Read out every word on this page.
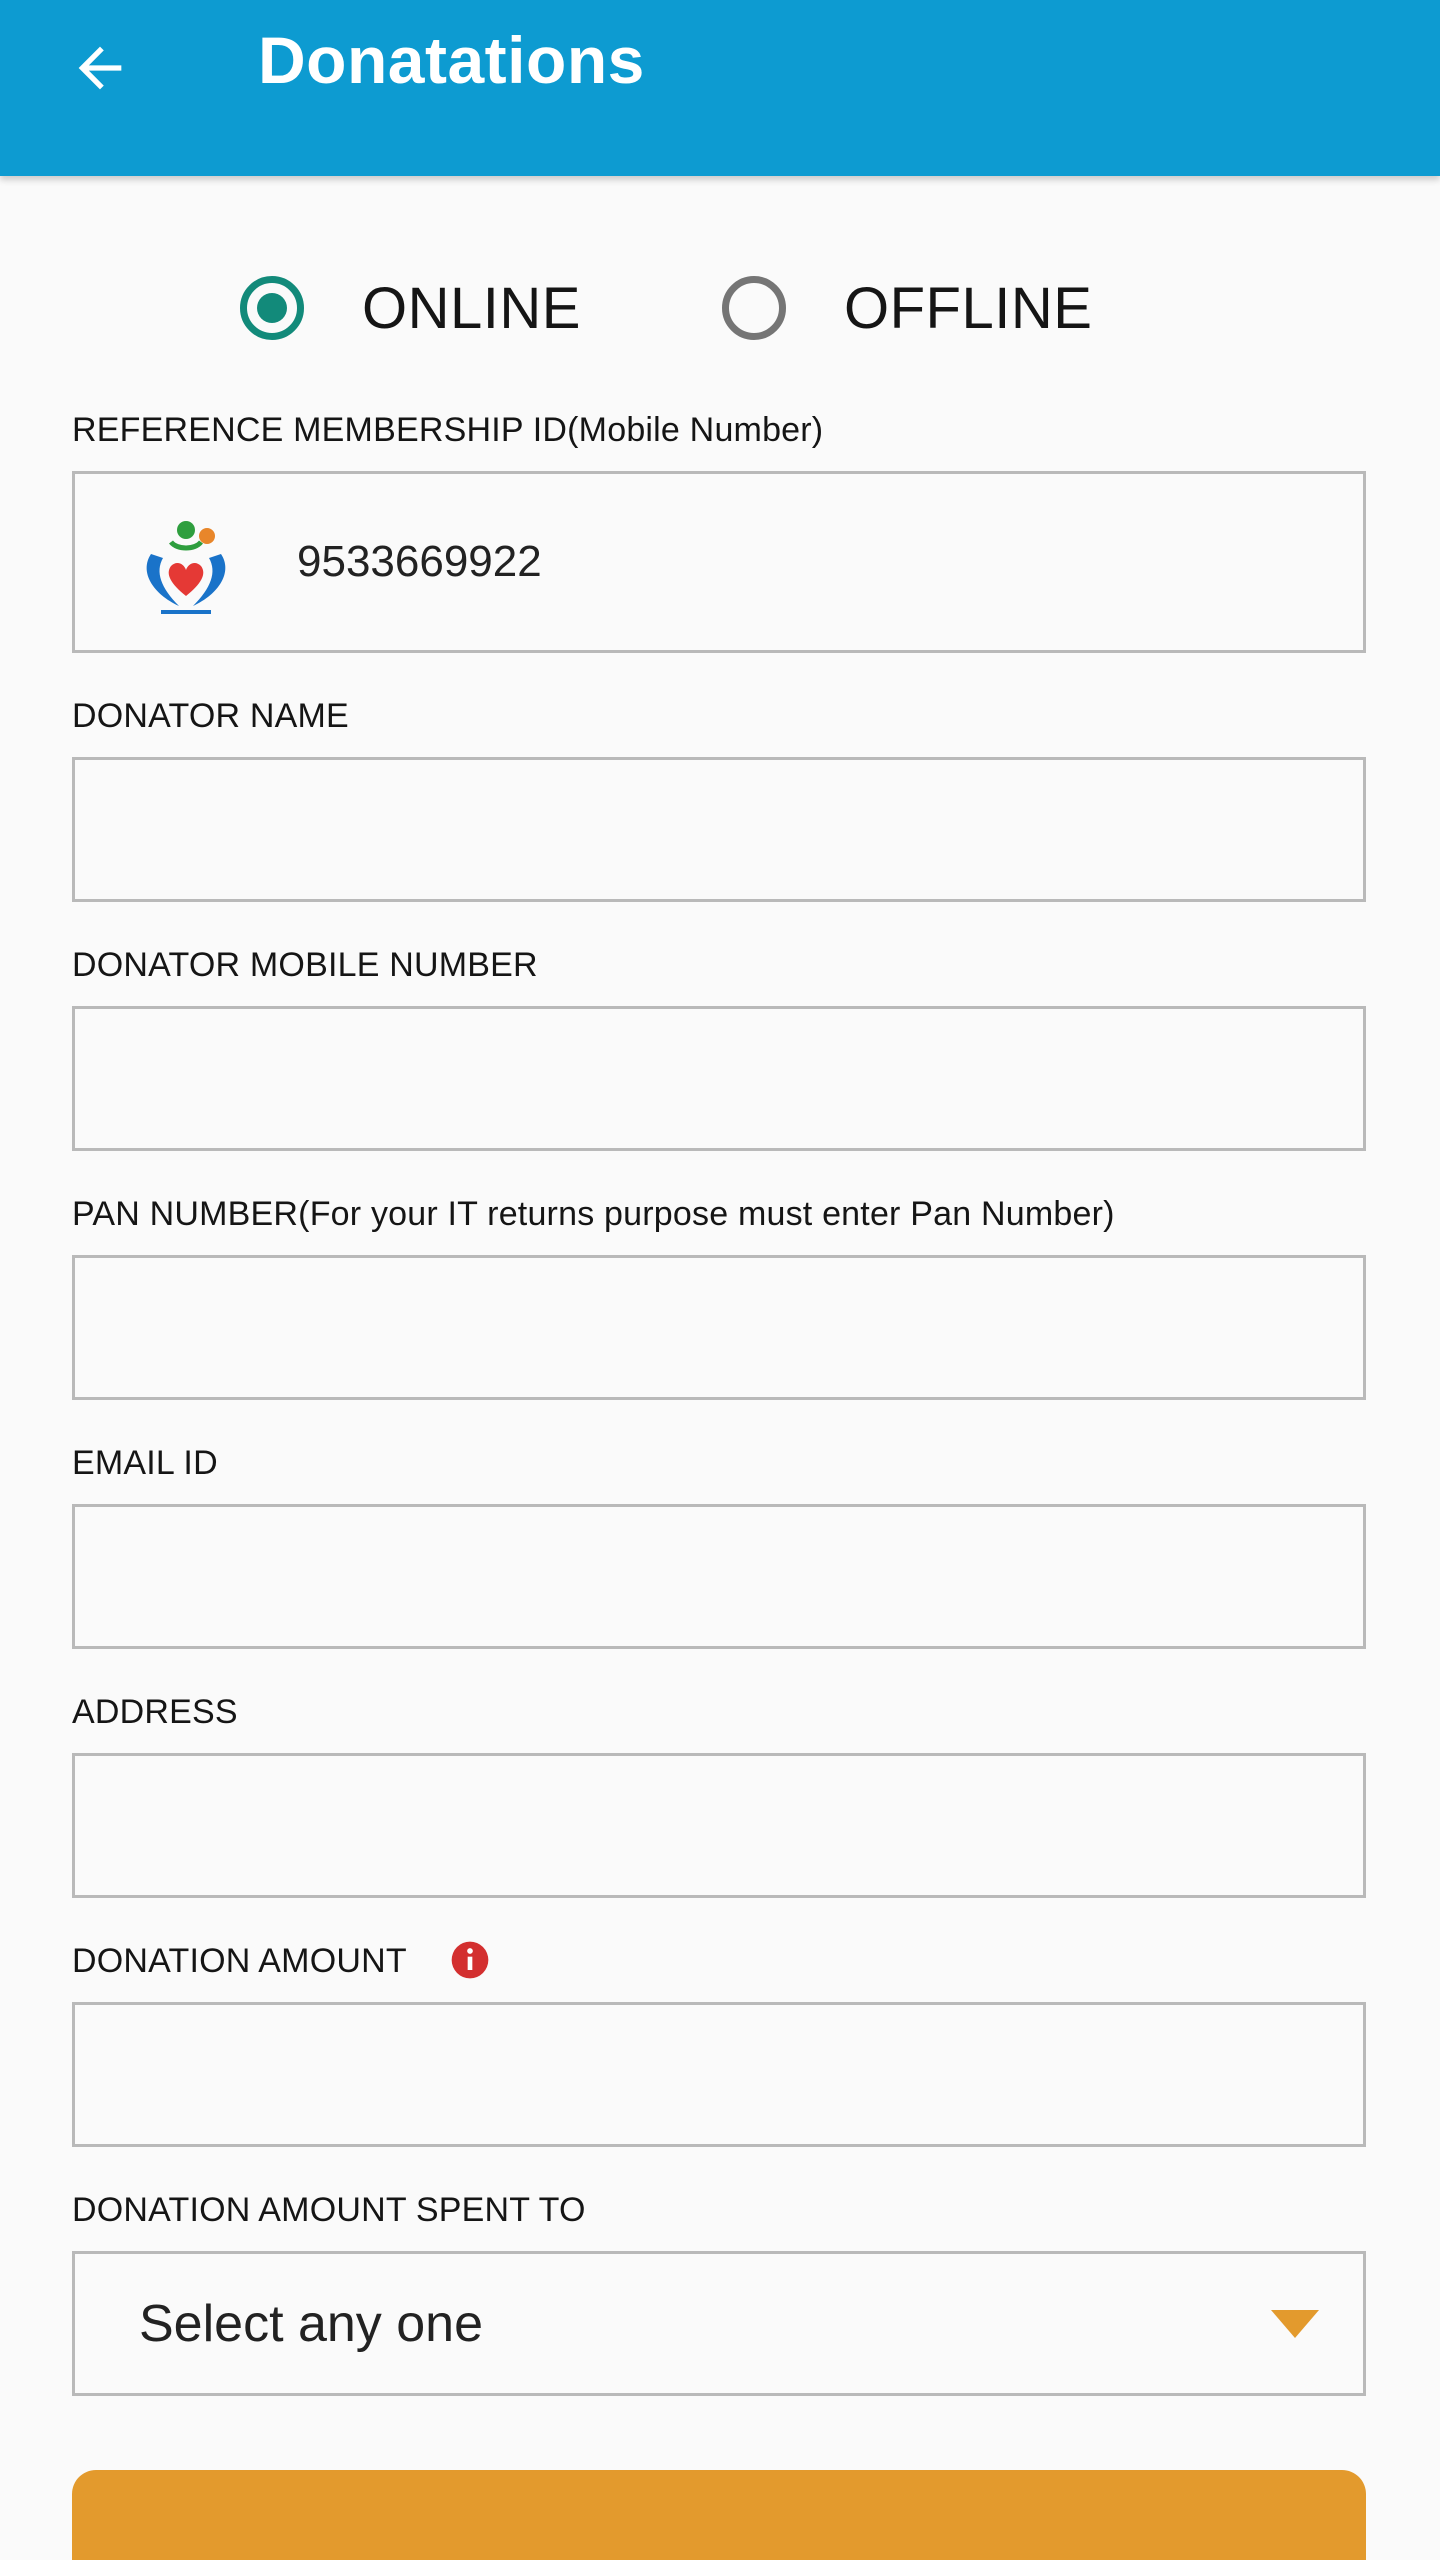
Donatations
ONLINE	OFFLINE
REFERENCE MEMBERSHIP ID(Mobile Number)
9533669922
DONATOR NAME
DONATOR MOBILE NUMBER
PAN NUMBER(For your IT returns purpose must enter Pan Number)
EMAIL ID
ADDRESS
DONATION AMOUNT
DONATION AMOUNT SPENT TO
Select any one
